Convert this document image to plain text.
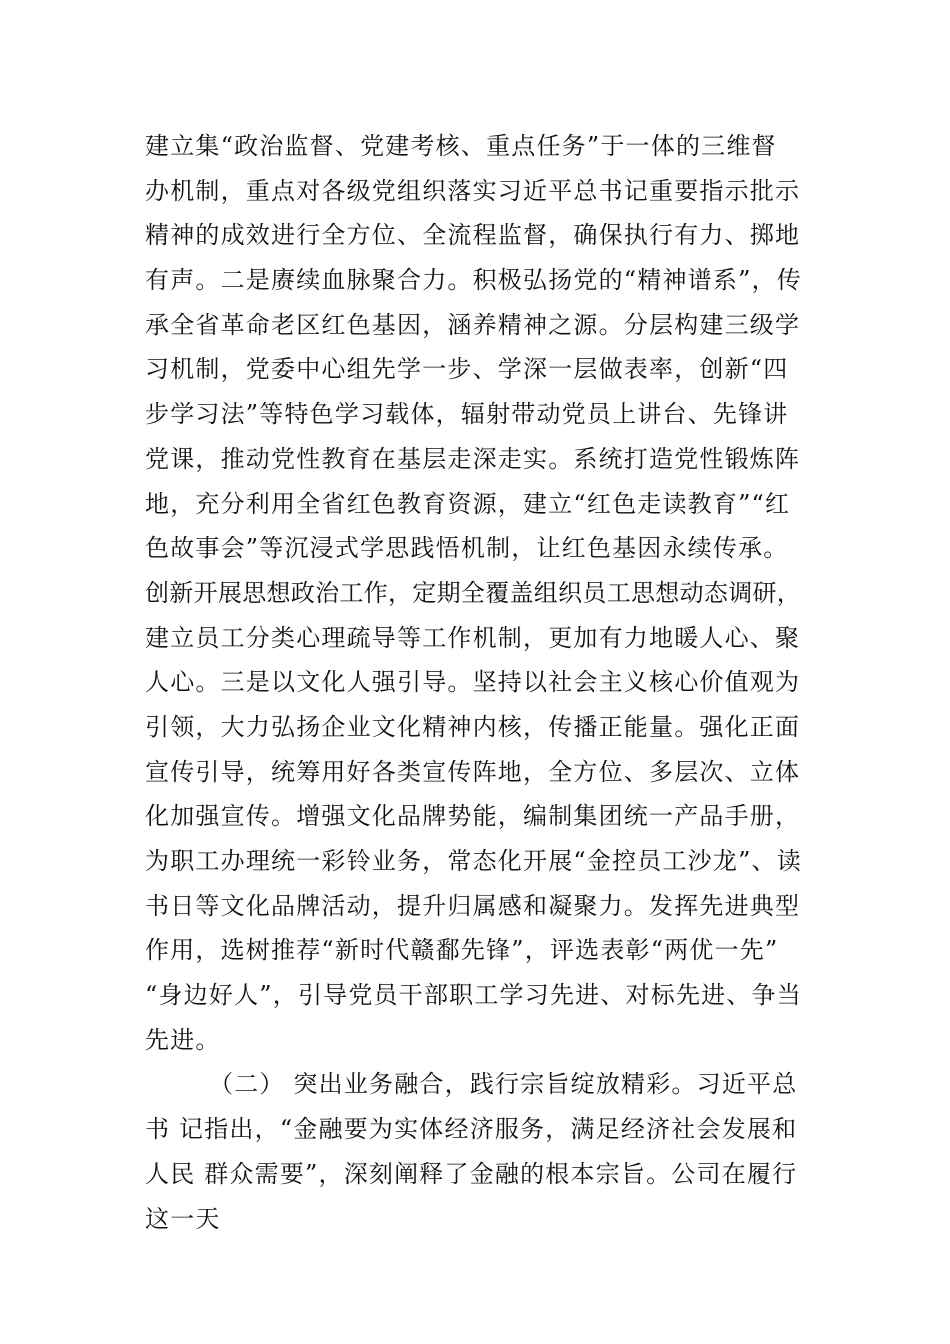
建立集“政治监督、党建考核、重点任务”于一体的三维督
办机制，重点对各级党组织落实习近平总书记重要指示批示
精神的成效进行全方位、全流程监督，确保执行有力、掷地
有声。二是赓续血脉聚合力。积极弘扬党的“精神谱系”，传
承全省革命老区红色基因，涵养精神之源。分层构建三级学
习机制，党委中心组先学一步、学深一层做表率，创新“四
步学习法”等特色学习载体，辐射带动党员上讲台、先锋讲
党课，推动党性教育在基层走深走实。系统打造党性锻炼阵
地，充分利用全省红色教育资源，建立“红色走读教育”“红
色故事会”等沉浸式学思践悟机制，让红色基因永续传承。
创新开展思想政治工作，定期全覆盖组织员工思想动态调研，
建立员工分类心理疏导等工作机制，更加有力地暖人心、聚
人心。三是以文化人强引导。坚持以社会主义核心价值观为
引领，大力弘扬企业文化精神内核，传播正能量。强化正面
宣传引导，统筹用好各类宣传阵地，全方位、多层次、立体
化加强宣传。增强文化品牌势能，编制集团统一产品手册，
为职工办理统一彩铃业务，常态化开展“金控员工沙龙”、读
书日等文化品牌活动，提升归属感和凝聚力。发挥先进典型
作用，选树推荐“新时代赣鄱先锋”，评选表彰“两优一先”
“身边好人”，引导党员干部职工学习先进、对标先进、争当
先进。
（二） 突出业务融合，践行宗旨绽放精彩。习近平总
书 记指出，“金融要为实体经济服务，满足经济社会发展和
人民 群众需要”，深刻阐释了金融的根本宗旨。公司在履行
这一天
